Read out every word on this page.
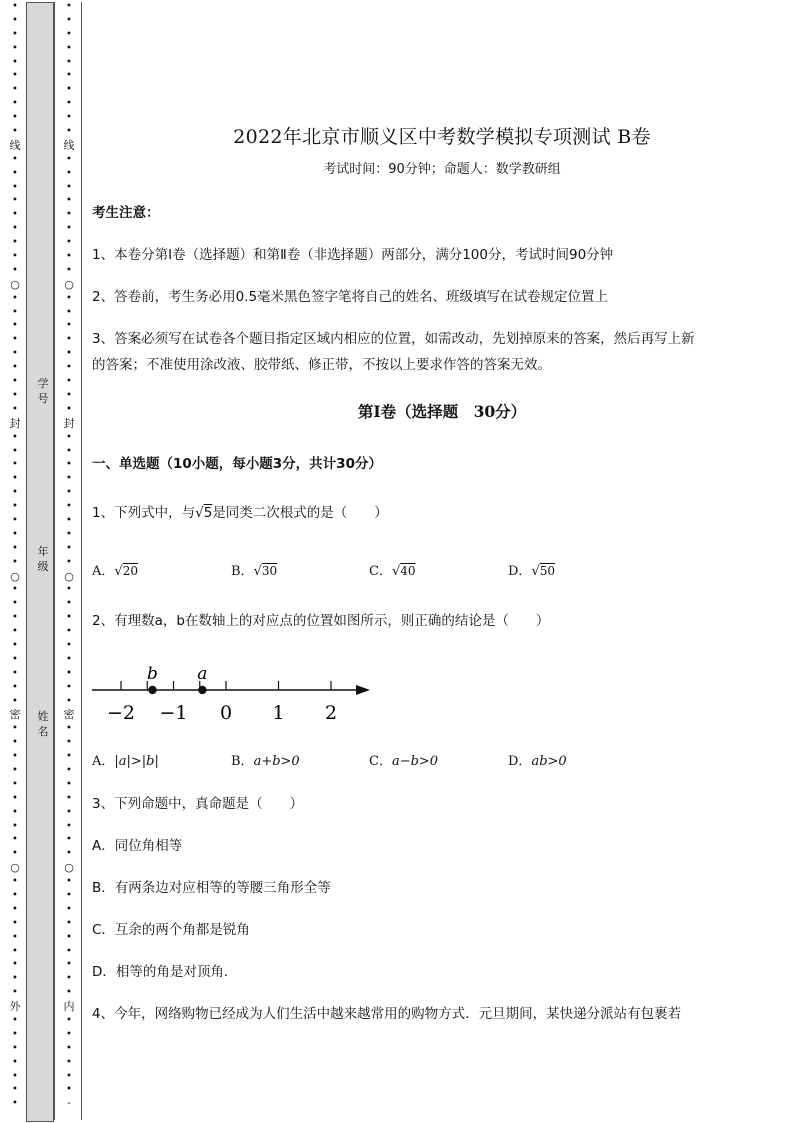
•
•
•
•
•
•
•
•
•
•
线
•
•
•
•
•
•
•
•
•
○
•
•
•
•
•
•
•
•
•
封
•
•
•
•
•
•
•
•
•
•
○
•
•
•
•
•
•
•
•
•
密
•
•
•
•
•
•
•
•
•
•
○
•
•
•
•
•
•
•
•
•
外
•
•
•
•
•
•
•
•
•
•
•
•
•
•
•
•
•
线
•
•
•
•
•
•
•
•
•
○
•
•
•
•
•
•
•
•
•
封
•
•
•
•
•
•
•
•
•
•
○
•
•
•
•
•
•
•
•
•
密
•
•
•
•
•
•
•
•
•
•
○
•
•
•
•
•
•
•
•
•
内
•
•
•
•
•
•
-
学号
年级
姓名
2022年北京市顺义区中考数学模拟专项测试 B卷
考试时间：90分钟；命题人：数学教研组
考生注意：
1、本卷分第I卷（选择题）和第Ⅱ卷（非选择题）两部分，满分100分，考试时间90分钟
2、答卷前，考生务必用0.5毫米黑色签字笔将自己的姓名、班级填写在试卷规定位置上
3、答案必须写在试卷各个题目指定区域内相应的位置，如需改动，先划掉原来的答案，然后再写上新
的答案；不准使用涂改液、胶带纸、修正带，不按以上要求作答的答案无效。
第I卷（选择题　30分）
一、单选题（10小题，每小题3分，共计30分）
1、下列式中，与√5是同类二次根式的是（　　）
A．√20	B．√30	C．√40	D．√50
2、有理数a，b在数轴上的对应点的位置如图所示，则正确的结论是（　　）
−2 −1 0 1 2
b a
A．|a|>|b|	B．a+b>0	C．a−b>0	D．ab>0
3、下列命题中，真命题是（　　）
A．同位角相等
B．有两条边对应相等的等腰三角形全等
C．互余的两个角都是锐角
D．相等的角是对顶角．
4、今年，网络购物已经成为人们生活中越来越常用的购物方式．元旦期间，某快递分派站有包裹若
